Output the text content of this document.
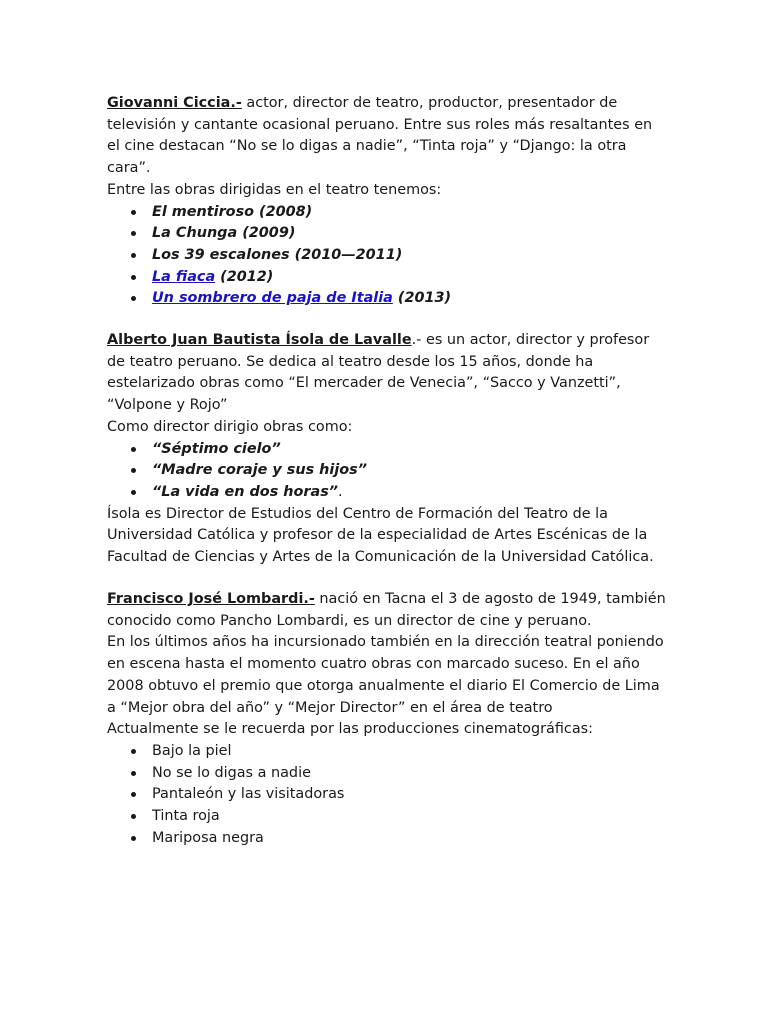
Giovanni Ciccia.- actor, director de teatro, productor, presentador de televisión y cantante ocasional peruano. Entre sus roles más resaltantes en el cine destacan “No se lo digas a nadie”, “Tinta roja” y “Django: la otra cara”.

Entre las obras dirigidas en el teatro tenemos:

El mentiroso (2008)
La Chunga (2009)
Los 39 escalones (2010—2011)
La fiaca (2012)
Un sombrero de paja de Italia (2013)

Alberto Juan Bautista Ísola de Lavalle.- es un actor, director y profesor de teatro peruano. Se dedica al teatro desde los 15 años, donde ha estelarizado obras como “El mercader de Venecia”, “Sacco y Vanzetti”, “Volpone y Rojo”

Como director dirigio obras como:

“Séptimo cielo”
“Madre coraje y sus hijos”
“La vida en dos horas”.

Ísola es Director de Estudios del Centro de Formación del Teatro de la Universidad Católica y profesor de la especialidad de Artes Escénicas de la Facultad de Ciencias y Artes de la Comunicación de la Universidad Católica.

Francisco José Lombardi.- nació en Tacna el 3 de agosto de 1949, también conocido como Pancho Lombardi, es un director de cine y peruano.

En los últimos años ha incursionado también en la dirección teatral poniendo en escena hasta el momento cuatro obras con marcado suceso. En el año 2008 obtuvo el premio que otorga anualmente el diario El Comercio de Lima a “Mejor obra del año” y “Mejor Director” en el área de teatro

Actualmente se le recuerda por las producciones cinematográficas:

Bajo la piel
No se lo digas a nadie
Pantaleón y las visitadoras
Tinta roja
Mariposa negra
